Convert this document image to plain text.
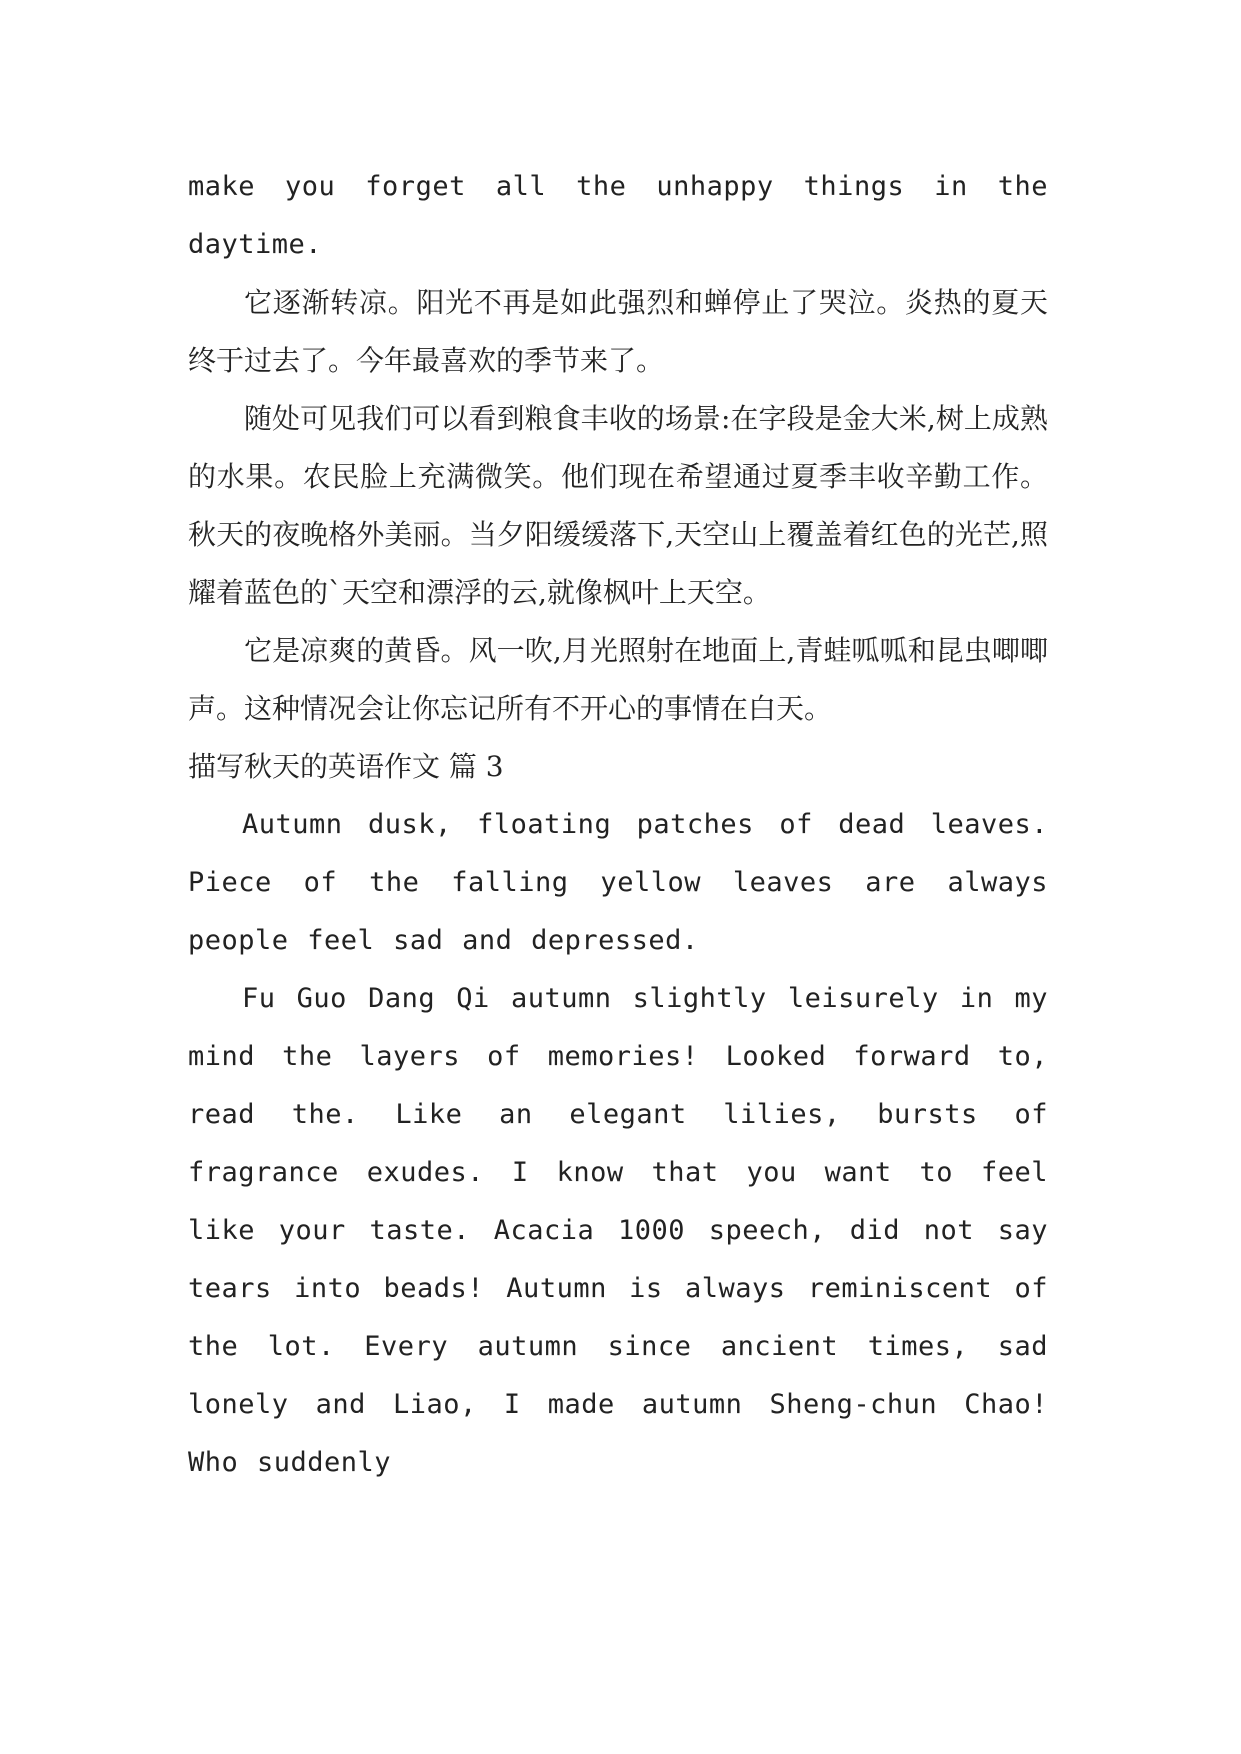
make you forget all the unhappy things in the daytime.

它逐渐转凉。阳光不再是如此强烈和蝉停止了哭泣。炎热的夏天终于过去了。今年最喜欢的季节来了。

随处可见我们可以看到粮食丰收的场景:在字段是金大米,树上成熟的水果。农民脸上充满微笑。他们现在希望通过夏季丰收辛勤工作。秋天的夜晚格外美丽。当夕阳缓缓落下,天空山上覆盖着红色的光芒,照耀着蓝色的`天空和漂浮的云,就像枫叶上天空。

它是凉爽的黄昏。风一吹,月光照射在地面上,青蛙呱呱和昆虫唧唧声。这种情况会让你忘记所有不开心的事情在白天。

描写秋天的英语作文 篇 3

Autumn dusk, floating patches of dead leaves. Piece of the falling yellow leaves are always people feel sad and depressed.

Fu Guo Dang Qi autumn slightly leisurely in my mind the layers of memories! Looked forward to, read the. Like an elegant lilies, bursts of fragrance exudes. I know that you want to feel like your taste. Acacia 1000 speech, did not say tears into beads! Autumn is always reminiscent of the lot. Every autumn since ancient times, sad lonely and Liao, I made autumn Sheng-chun Chao! Who suddenly
